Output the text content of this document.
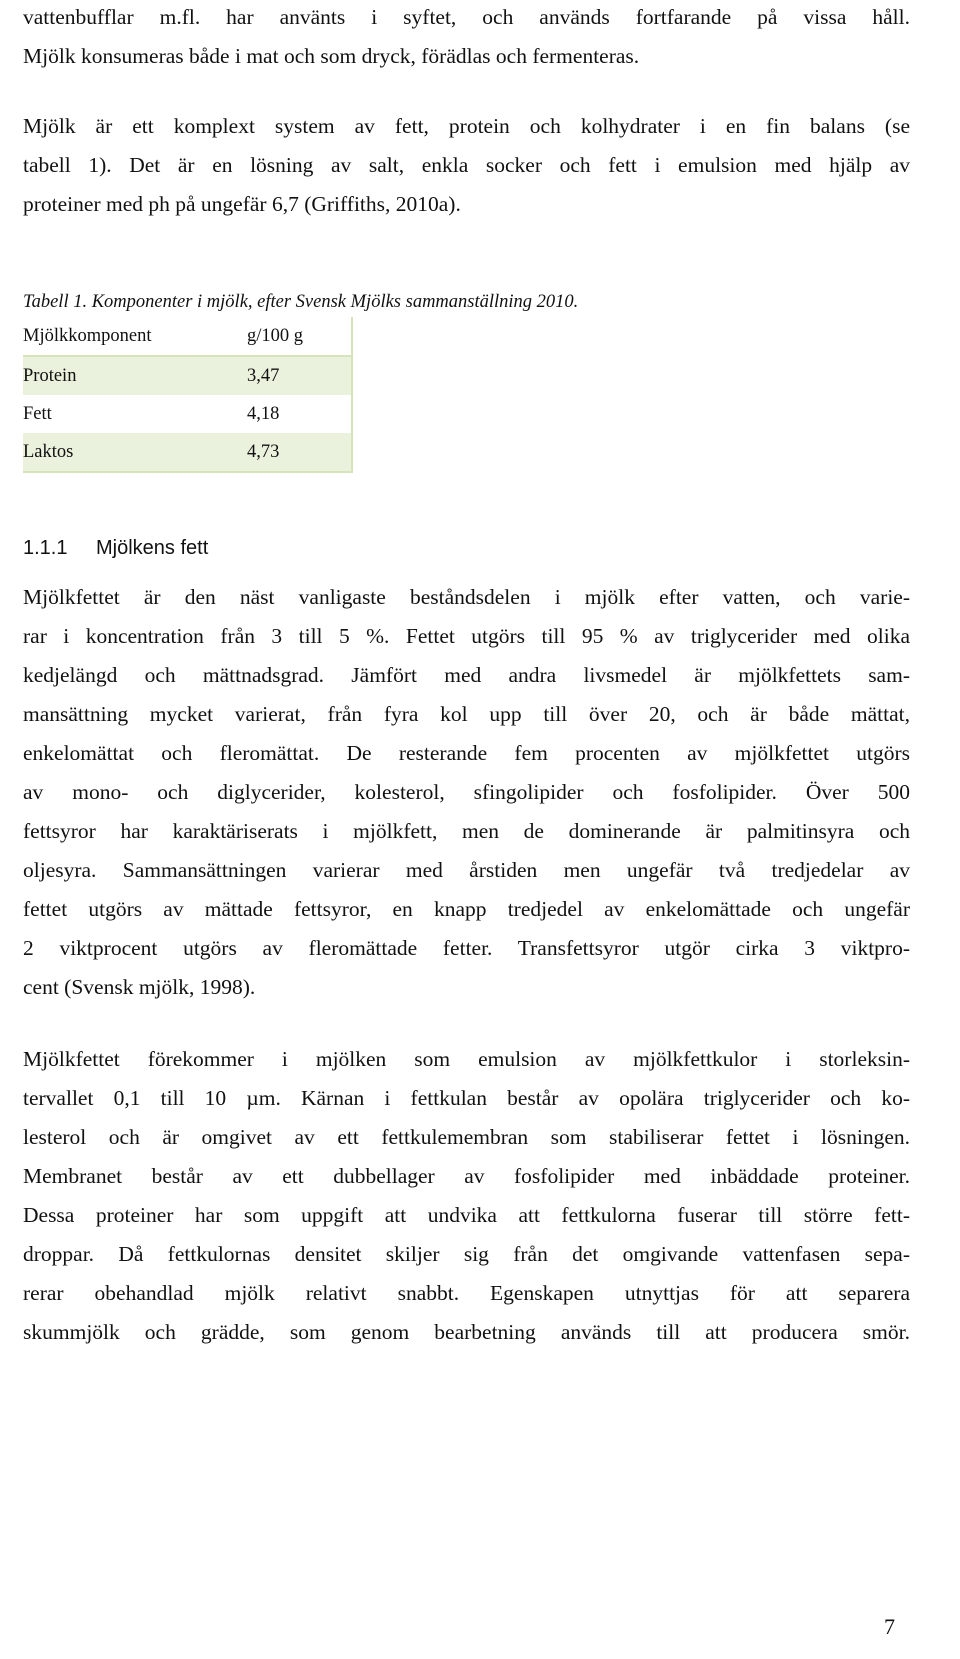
vattenbufflar m.fl. har använts i syftet, och används fortfarande på vissa håll.
Mjölk konsumeras både i mat och som dryck, förädlas och fermenteras.
Mjölk är ett komplext system av fett, protein och kolhydrater i en fin balans (se
tabell 1). Det är en lösning av salt, enkla socker och fett i emulsion med hjälp av
proteiner med ph på ungefär 6,7 (Griffiths, 2010a).
Tabell 1. Komponenter i mjölk, efter Svensk Mjölks sammanställning 2010.
Mjölkkomponent	g/100 g
Protein	3,47
Fett	4,18
Laktos	4,73
1.1.1 Mjölkens fett
Mjölkfettet är den näst vanligaste beståndsdelen i mjölk efter vatten, och varie-
rar i koncentration från 3 till 5 %. Fettet utgörs till 95 % av triglycerider med olika
kedjelängd och mättnadsgrad. Jämfört med andra livsmedel är mjölkfettets sam-
mansättning mycket varierat, från fyra kol upp till över 20, och är både mättat,
enkelomättat och fleromättat. De resterande fem procenten av mjölkfettet utgörs
av mono- och diglycerider, kolesterol, sfingolipider och fosfolipider. Över 500
fettsyror har karaktäriserats i mjölkfett, men de dominerande är palmitinsyra och
oljesyra. Sammansättningen varierar med årstiden men ungefär två tredjedelar av
fettet utgörs av mättade fettsyror, en knapp tredjedel av enkelomättade och ungefär
2 viktprocent utgörs av fleromättade fetter. Transfettsyror utgör cirka 3 viktpro-
cent (Svensk mjölk, 1998).
Mjölkfettet förekommer i mjölken som emulsion av mjölkfettkulor i storleksin-
tervallet 0,1 till 10 µm. Kärnan i fettkulan består av opolära triglycerider och ko-
lesterol och är omgivet av ett fettkulemembran som stabiliserar fettet i lösningen.
Membranet består av ett dubbellager av fosfolipider med inbäddade proteiner.
Dessa proteiner har som uppgift att undvika att fettkulorna fuserar till större fett-
droppar. Då fettkulornas densitet skiljer sig från det omgivande vattenfasen sepa-
rerar obehandlad mjölk relativt snabbt. Egenskapen utnyttjas för att separera
skummjölk och grädde, som genom bearbetning används till att producera smör.
7
